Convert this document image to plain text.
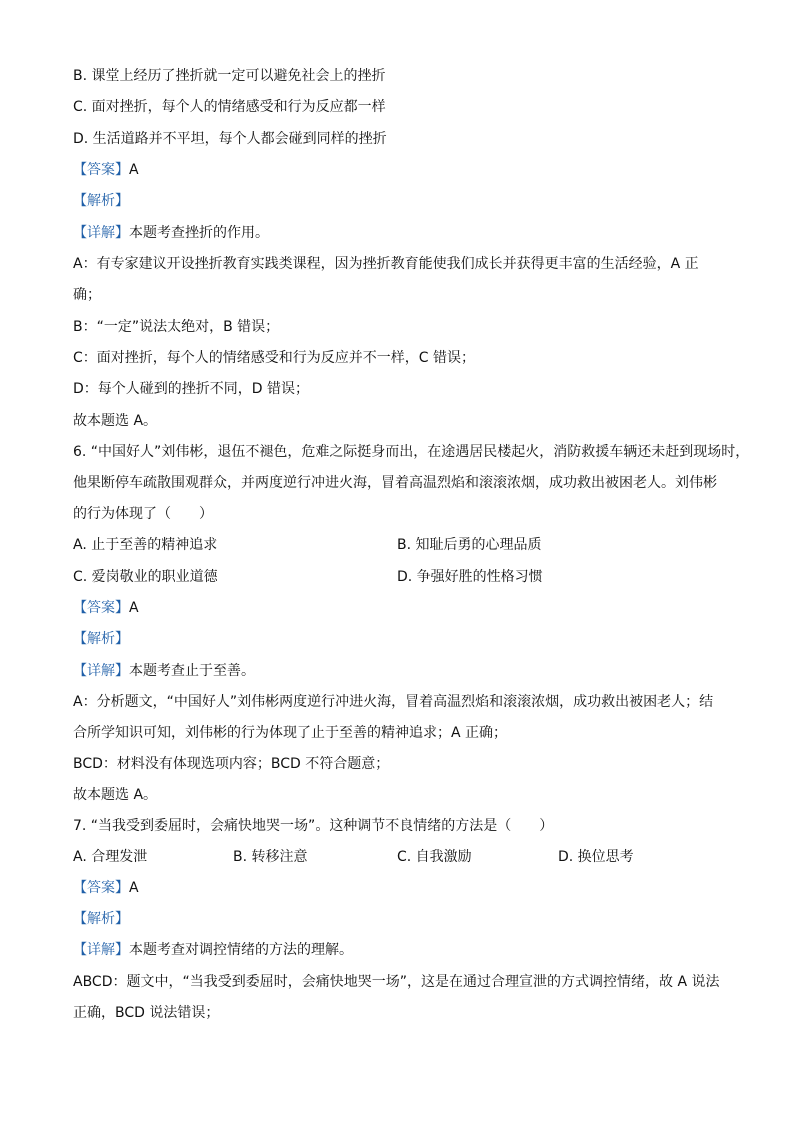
B. 课堂上经历了挫折就一定可以避免社会上的挫折
C. 面对挫折，每个人的情绪感受和行为反应都一样
D. 生活道路并不平坦，每个人都会碰到同样的挫折
【答案】A
【解析】
【详解】本题考查挫折的作用。
A：有专家建议开设挫折教育实践类课程，因为挫折教育能使我们成长并获得更丰富的生活经验，A 正
确；
B：“一定”说法太绝对，B 错误；
C：面对挫折，每个人的情绪感受和行为反应并不一样，C 错误；
D：每个人碰到的挫折不同，D 错误；
故本题选 A。
6. “中国好人”刘伟彬，退伍不褪色，危难之际挺身而出，在途遇居民楼起火，消防救援车辆还未赶到现场时，
他果断停车疏散围观群众，并两度逆行冲进火海，冒着高温烈焰和滚滚浓烟，成功救出被困老人。刘伟彬
的行为体现了（　　）
A. 止于至善的精神追求	B. 知耻后勇的心理品质
C. 爱岗敬业的职业道德	D. 争强好胜的性格习惯
【答案】A
【解析】
【详解】本题考查止于至善。
A：分析题文，“中国好人”刘伟彬两度逆行冲进火海，冒着高温烈焰和滚滚浓烟，成功救出被困老人；结
合所学知识可知，刘伟彬的行为体现了止于至善的精神追求；A 正确；
BCD：材料没有体现选项内容；BCD 不符合题意；
故本题选 A。
7. “当我受到委屈时，会痛快地哭一场”。这种调节不良情绪的方法是（　　）
A. 合理发泄	B. 转移注意	C. 自我激励	D. 换位思考
【答案】A
【解析】
【详解】本题考查对调控情绪的方法的理解。
ABCD：题文中，“当我受到委屈时，会痛快地哭一场”，这是在通过合理宣泄的方式调控情绪，故 A 说法
正确，BCD 说法错误；
